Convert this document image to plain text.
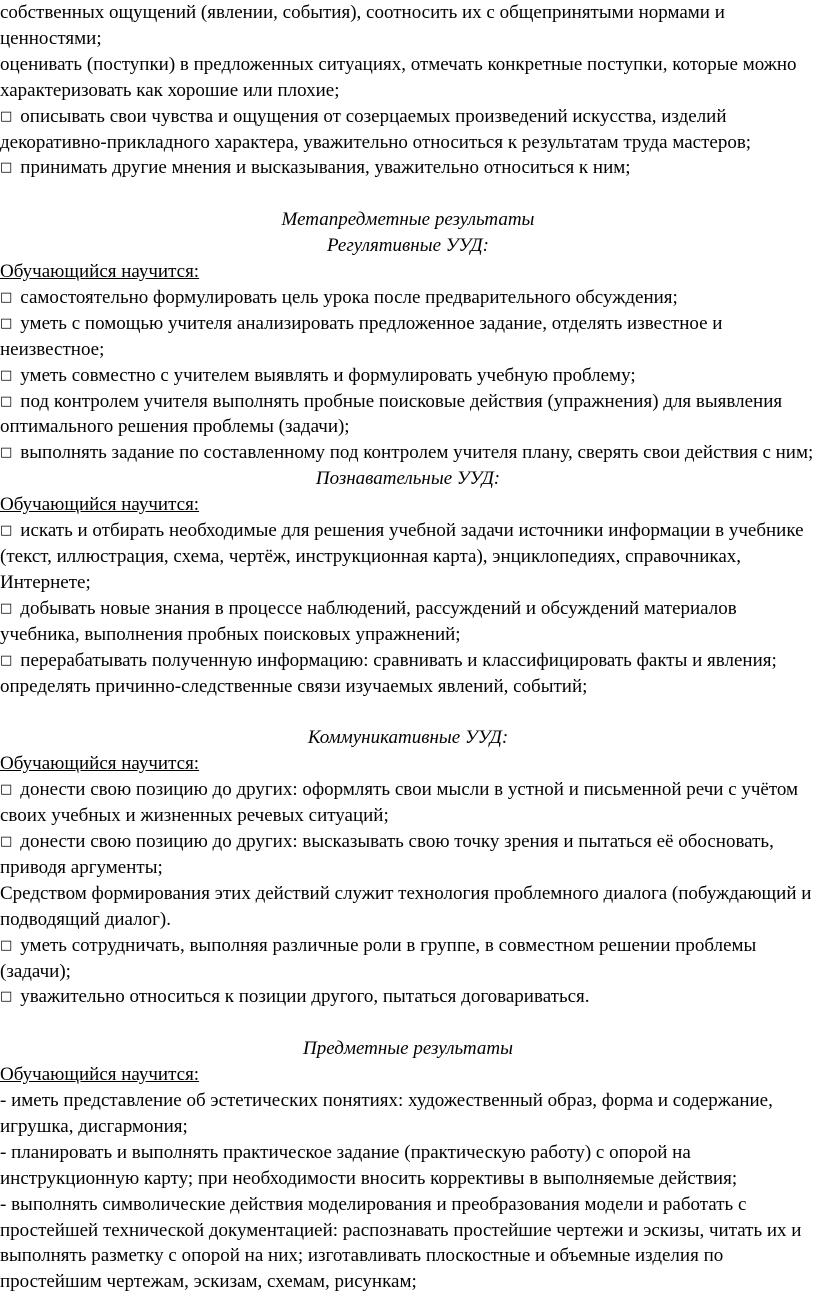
собственных ощущений (явлении, события), соотносить их с общепринятыми нормами и ценностями;

оценивать (поступки) в предложенных ситуациях, отмечать конкретные поступки, которые можно характеризовать как хорошие или плохие;

□ описывать свои чувства и ощущения от созерцаемых произведений искусства, изделий декоративно-прикладного характера, уважительно относиться к результатам труда мастеров;

□ принимать другие мнения и высказывания, уважительно относиться к ним;

Метапредметные результаты

Регулятивные УУД:

Обучающийся научится:

□ самостоятельно формулировать цель урока после предварительного обсуждения;

□ уметь с помощью учителя анализировать предложенное задание, отделять известное и неизвестное;

□ уметь совместно с учителем выявлять и формулировать учебную проблему;

□ под контролем учителя выполнять пробные поисковые действия (упражнения) для выявления оптимального решения проблемы (задачи);

□ выполнять задание по составленному под контролем учителя плану, сверять свои действия с ним;

Познавательные УУД:

Обучающийся научится:

□ искать и отбирать необходимые для решения учебной задачи источники информации в учебнике (текст, иллюстрация, схема, чертёж, инструкционная карта), энциклопедиях, справочниках, Интернете;

□ добывать новые знания в процессе наблюдений, рассуждений и обсуждений материалов учебника, выполнения пробных поисковых упражнений;

□ перерабатывать полученную информацию: сравнивать и классифицировать факты и явления; определять причинно-следственные связи изучаемых явлений, событий;

Коммуникативные УУД:

Обучающийся научится:

□ донести свою позицию до других: оформлять свои мысли в устной и письменной речи с учётом своих учебных и жизненных речевых ситуаций;

□ донести свою позицию до других: высказывать свою точку зрения и пытаться её обосновать, приводя аргументы;

Средством формирования этих действий служит технология проблемного диалога (побуждающий и подводящий диалог).

□ уметь сотрудничать, выполняя различные роли в группе, в совместном решении проблемы (задачи);

□ уважительно относиться к позиции другого, пытаться договариваться.

Предметные результаты

Обучающийся научится:

- иметь представление об эстетических понятиях: художественный образ, форма и содержание, игрушка, дисгармония;

- планировать и выполнять практическое задание (практическую работу) с опорой на инструкционную карту; при необходимости вносить коррективы в выполняемые действия;

- выполнять символические действия моделирования и преобразования модели и работать с простейшей технической документацией: распознавать простейшие чертежи и эскизы, читать их и выполнять разметку с опорой на них; изготавливать плоскостные и объемные изделия по простейшим чертежам, эскизам, схемам, рисункам;
